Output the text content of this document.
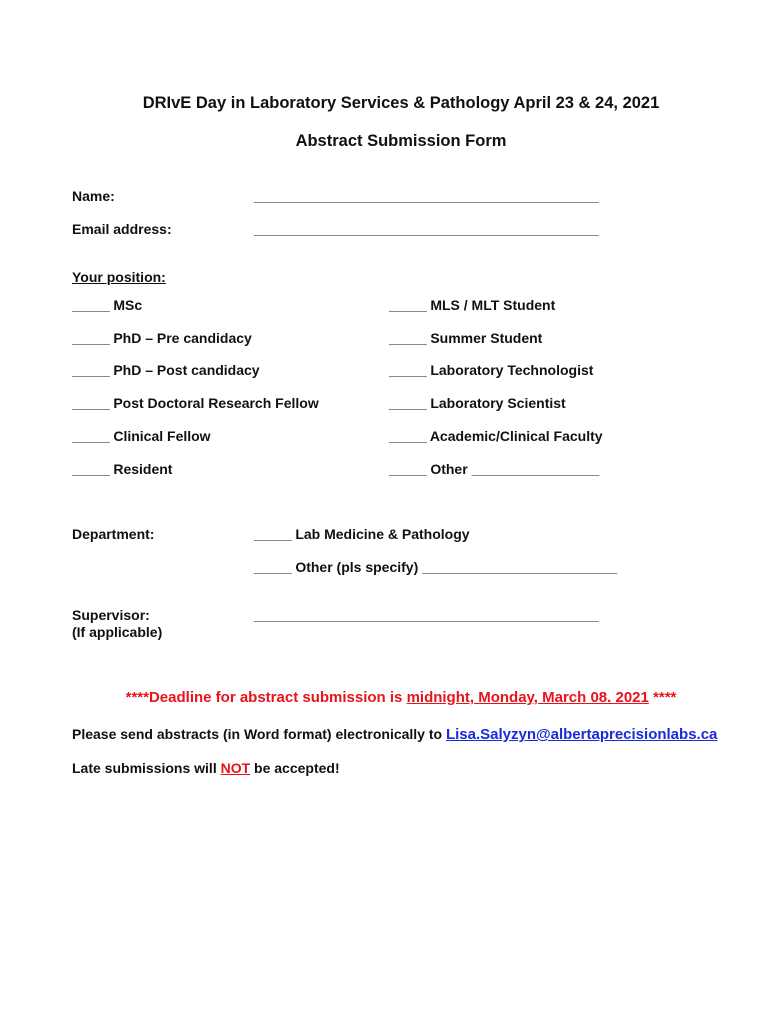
DRIvE Day in Laboratory Services & Pathology April 23 & 24, 2021
Abstract Submission Form
Name:	______________________________________________
Email address:	______________________________________________
Your position:
_____ MSc
_____ PhD – Pre candidacy
_____ PhD – Post candidacy
_____ Post Doctoral Research Fellow
_____ Clinical Fellow
_____ Resident
_____ MLS / MLT Student
_____ Summer Student
_____ Laboratory Technologist
_____ Laboratory Scientist
_____ Academic/Clinical Faculty
_____ Other _________________
Department:	_____ Lab Medicine & Pathology
_____ Other (pls specify) __________________________
Supervisor:
(If applicable)
______________________________________________
****Deadline for abstract submission is midnight, Monday, March 08. 2021 ****
Please send abstracts (in Word format) electronically to Lisa.Salyzyn@albertaprecisionlabs.ca
Late submissions will NOT be accepted!
